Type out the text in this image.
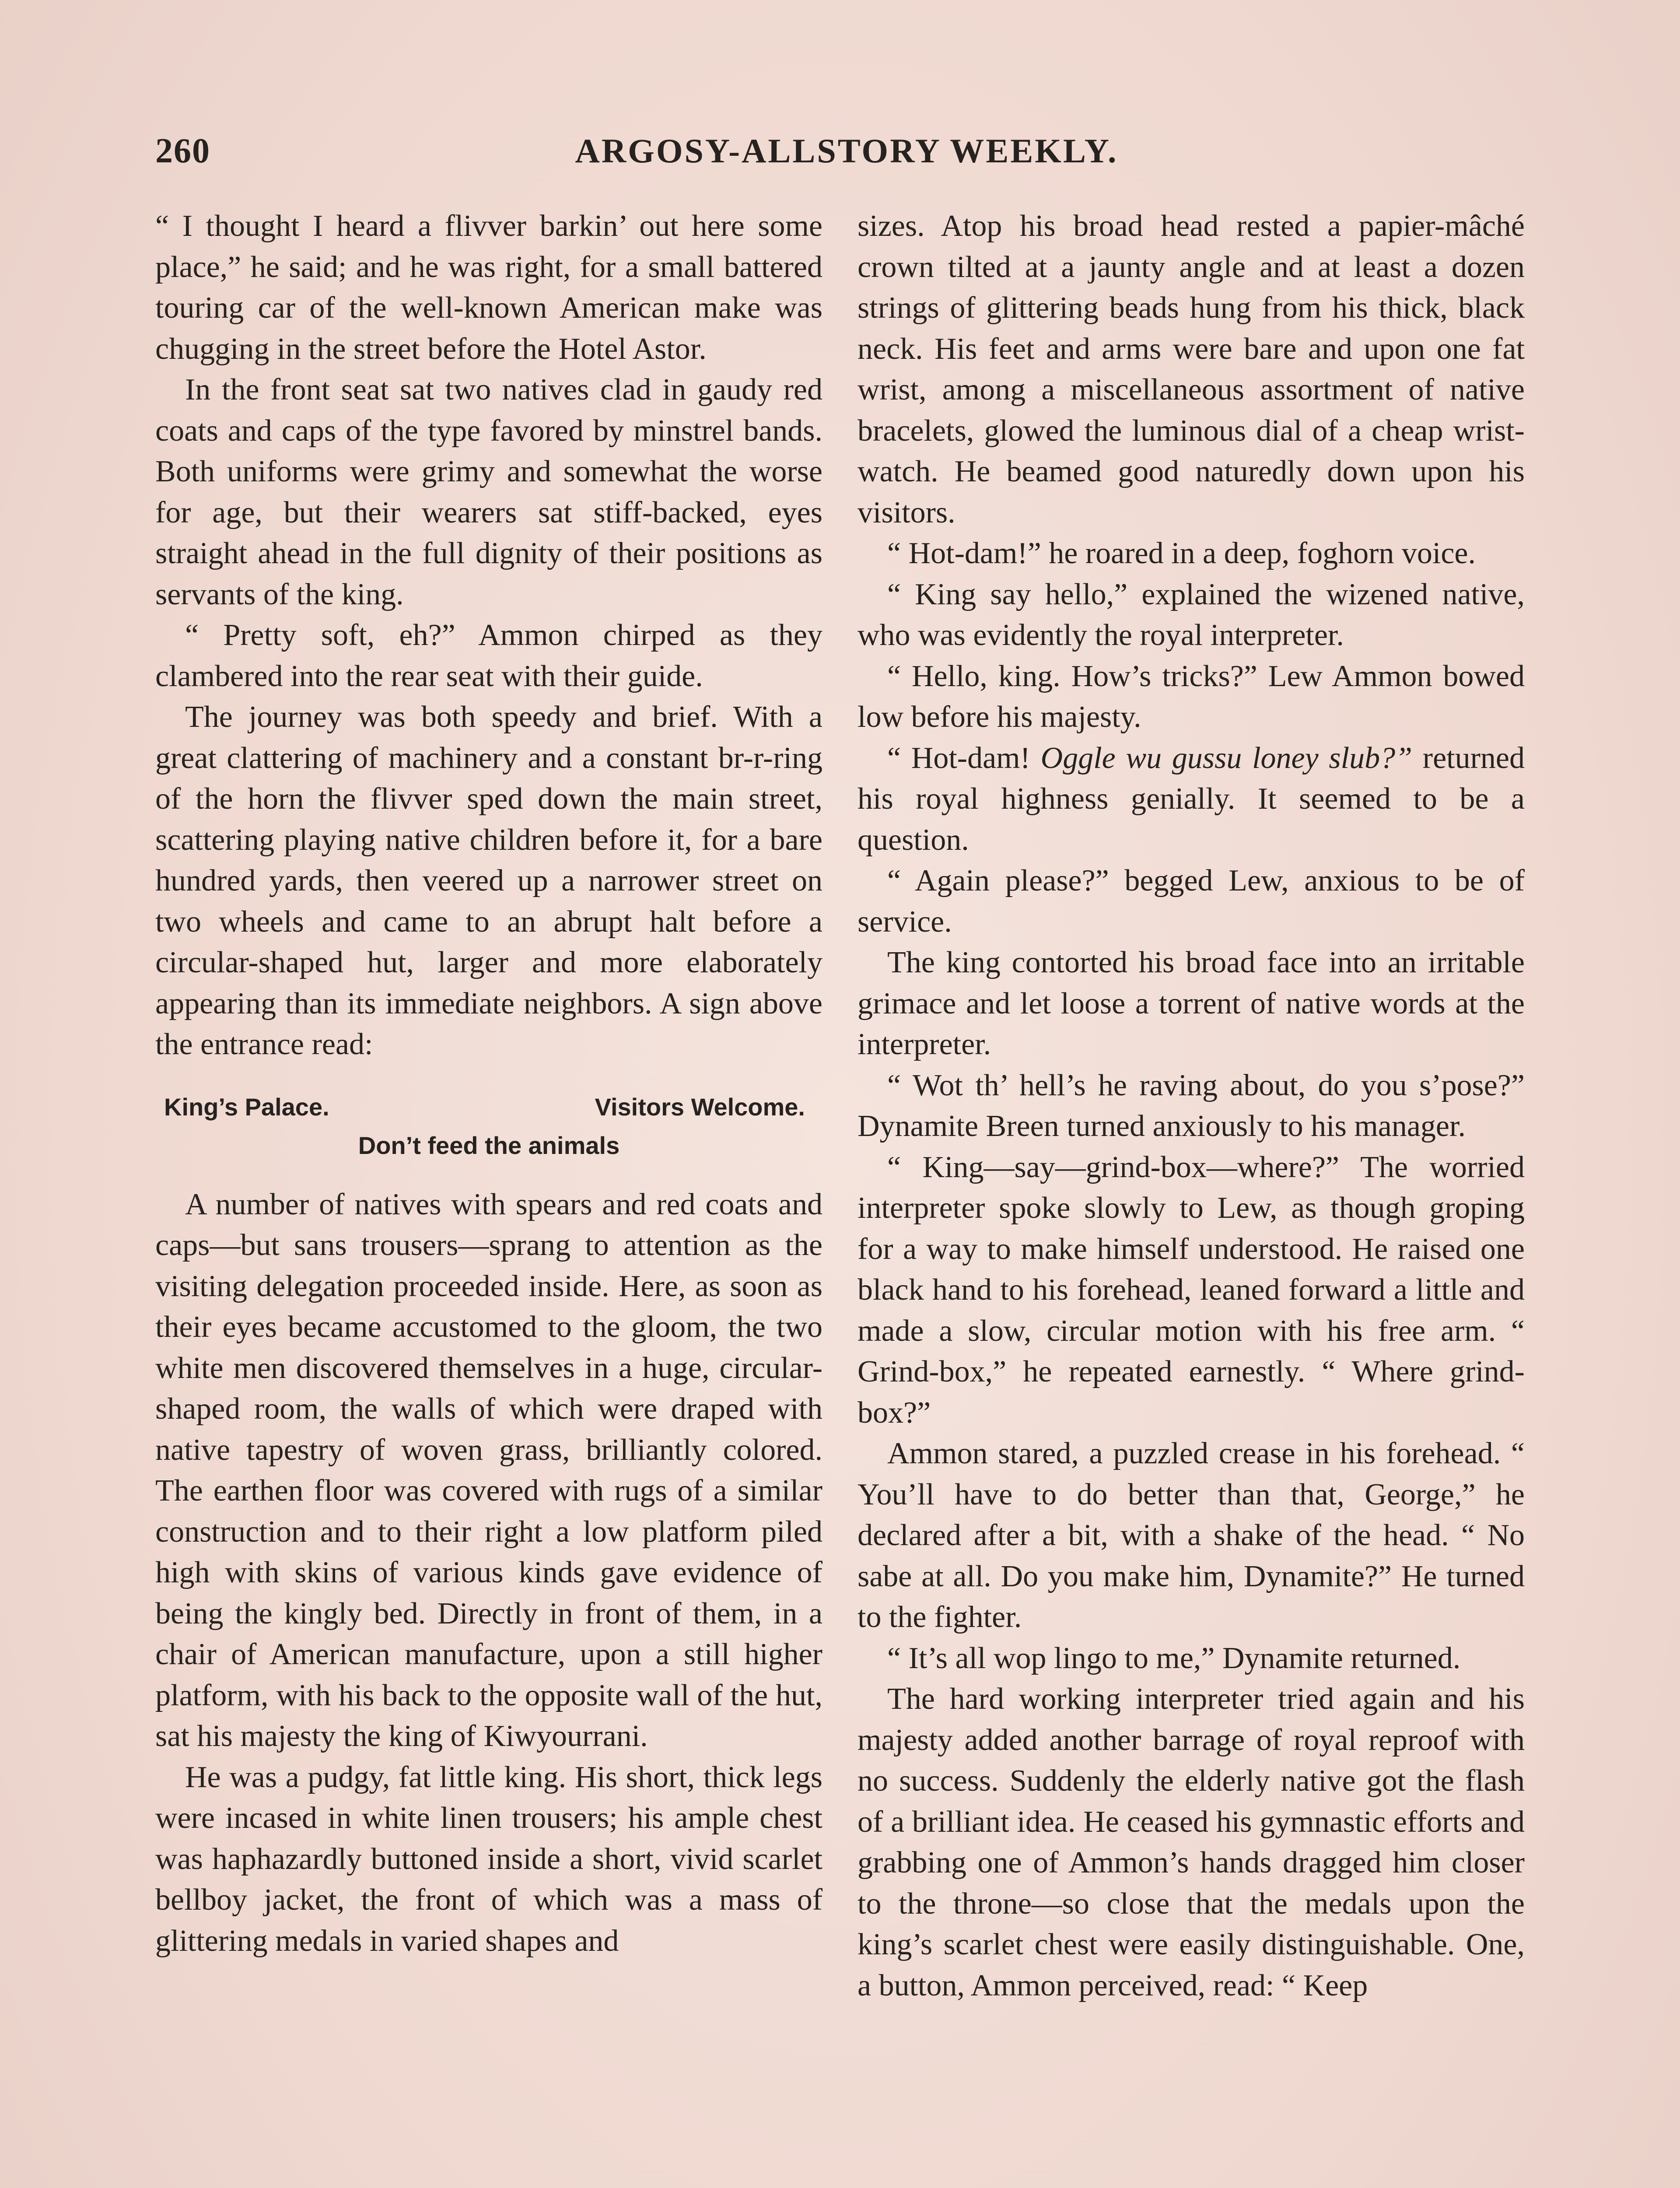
260	ARGOSY-ALLSTORY WEEKLY.

“ I thought I heard a flivver barkin’ out here some place,” he said; and he was right, for a small battered touring car of the well-known American make was chugging in the street before the Hotel Astor.

In the front seat sat two natives clad in gaudy red coats and caps of the type favored by minstrel bands. Both uniforms were grimy and somewhat the worse for age, but their wearers sat stiff-backed, eyes straight ahead in the full dignity of their positions as servants of the king.

“ Pretty soft, eh?” Ammon chirped as they clambered into the rear seat with their guide.

The journey was both speedy and brief. With a great clattering of machinery and a constant br-r-ring of the horn the flivver sped down the main street, scattering playing native children before it, for a bare hundred yards, then veered up a narrower street on two wheels and came to an abrupt halt before a circular-shaped hut, larger and more elaborately appearing than its immediate neighbors. A sign above the entrance read:

King’s Palace.	Visitors Welcome.
Don’t feed the animals

A number of natives with spears and red coats and caps—but sans trousers—sprang to attention as the visiting delegation proceeded inside. Here, as soon as their eyes became accustomed to the gloom, the two white men discovered themselves in a huge, circular-shaped room, the walls of which were draped with native tapestry of woven grass, brilliantly colored. The earthen floor was covered with rugs of a similar construction and to their right a low platform piled high with skins of various kinds gave evidence of being the kingly bed. Directly in front of them, in a chair of American manufacture, upon a still higher platform, with his back to the opposite wall of the hut, sat his majesty the king of Kiwyourrani.

He was a pudgy, fat little king. His short, thick legs were incased in white linen trousers; his ample chest was haphazardly buttoned inside a short, vivid scarlet bellboy jacket, the front of which was a mass of glittering medals in varied shapes and

sizes. Atop his broad head rested a papier-mâché crown tilted at a jaunty angle and at least a dozen strings of glittering beads hung from his thick, black neck. His feet and arms were bare and upon one fat wrist, among a miscellaneous assortment of native bracelets, glowed the luminous dial of a cheap wrist-watch. He beamed good naturedly down upon his visitors.

“ Hot-dam!” he roared in a deep, foghorn voice.

“ King say hello,” explained the wizened native, who was evidently the royal interpreter.

“ Hello, king. How’s tricks?” Lew Ammon bowed low before his majesty.

“ Hot-dam! Oggle wu gussu loney slub?” returned his royal highness genially. It seemed to be a question.

“ Again please?” begged Lew, anxious to be of service.

The king contorted his broad face into an irritable grimace and let loose a torrent of native words at the interpreter.

“ Wot th’ hell’s he raving about, do you s’pose?” Dynamite Breen turned anxiously to his manager.

“ King—say—grind-box—where?” The worried interpreter spoke slowly to Lew, as though groping for a way to make himself understood. He raised one black hand to his forehead, leaned forward a little and made a slow, circular motion with his free arm. “ Grind-box,” he repeated earnestly. “ Where grind-box?”

Ammon stared, a puzzled crease in his forehead. “ You’ll have to do better than that, George,” he declared after a bit, with a shake of the head. “ No sabe at all. Do you make him, Dynamite?” He turned to the fighter.

“ It’s all wop lingo to me,” Dynamite returned.

The hard working interpreter tried again and his majesty added another barrage of royal reproof with no success. Suddenly the elderly native got the flash of a brilliant idea. He ceased his gymnastic efforts and grabbing one of Ammon’s hands dragged him closer to the throne—so close that the medals upon the king’s scarlet chest were easily distinguishable. One, a button, Ammon perceived, read: “ Keep
